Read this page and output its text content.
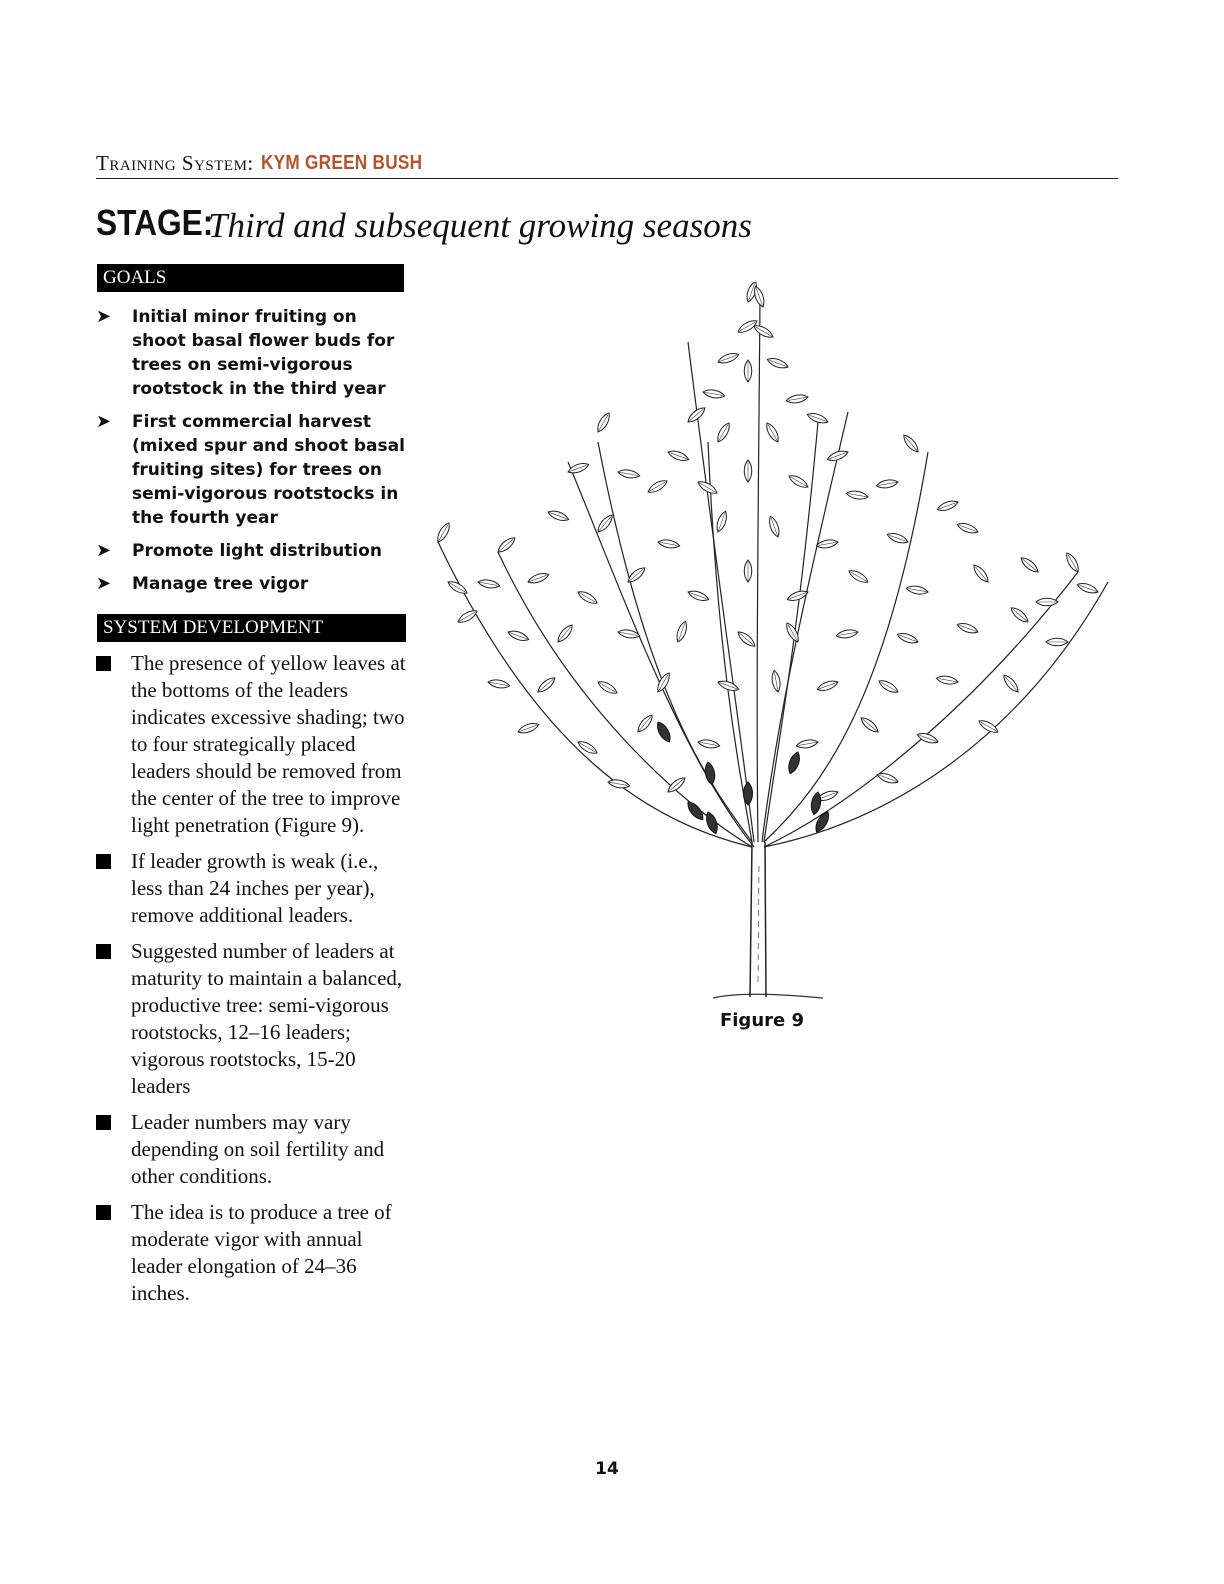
Training System: KYM GREEN BUSH
STAGE:
Third and subsequent growing seasons
GOALS
➤ Initial minor fruiting on shoot basal flower buds for trees on semi-vigorous rootstock in the third year
➤ First commercial harvest (mixed spur and shoot basal fruiting sites) for trees on semi-vigorous rootstocks in the fourth year
➤ Promote light distribution
➤ Manage tree vigor
SYSTEM DEVELOPMENT
The presence of yellow leaves at the bottoms of the leaders indicates excessive shading; two to four strategically placed leaders should be removed from the center of the tree to improve light penetration (Figure 9).
If leader growth is weak (i.e., less than 24 inches per year), remove additional leaders.
Suggested number of leaders at maturity to maintain a balanced, productive tree: semi-vigorous rootstocks, 12–16 leaders; vigorous rootstocks, 15-20 leaders
Leader numbers may vary depending on soil fertility and other conditions.
The idea is to produce a tree of moderate vigor with annual leader elongation of 24–36 inches.
Figure 9
14
